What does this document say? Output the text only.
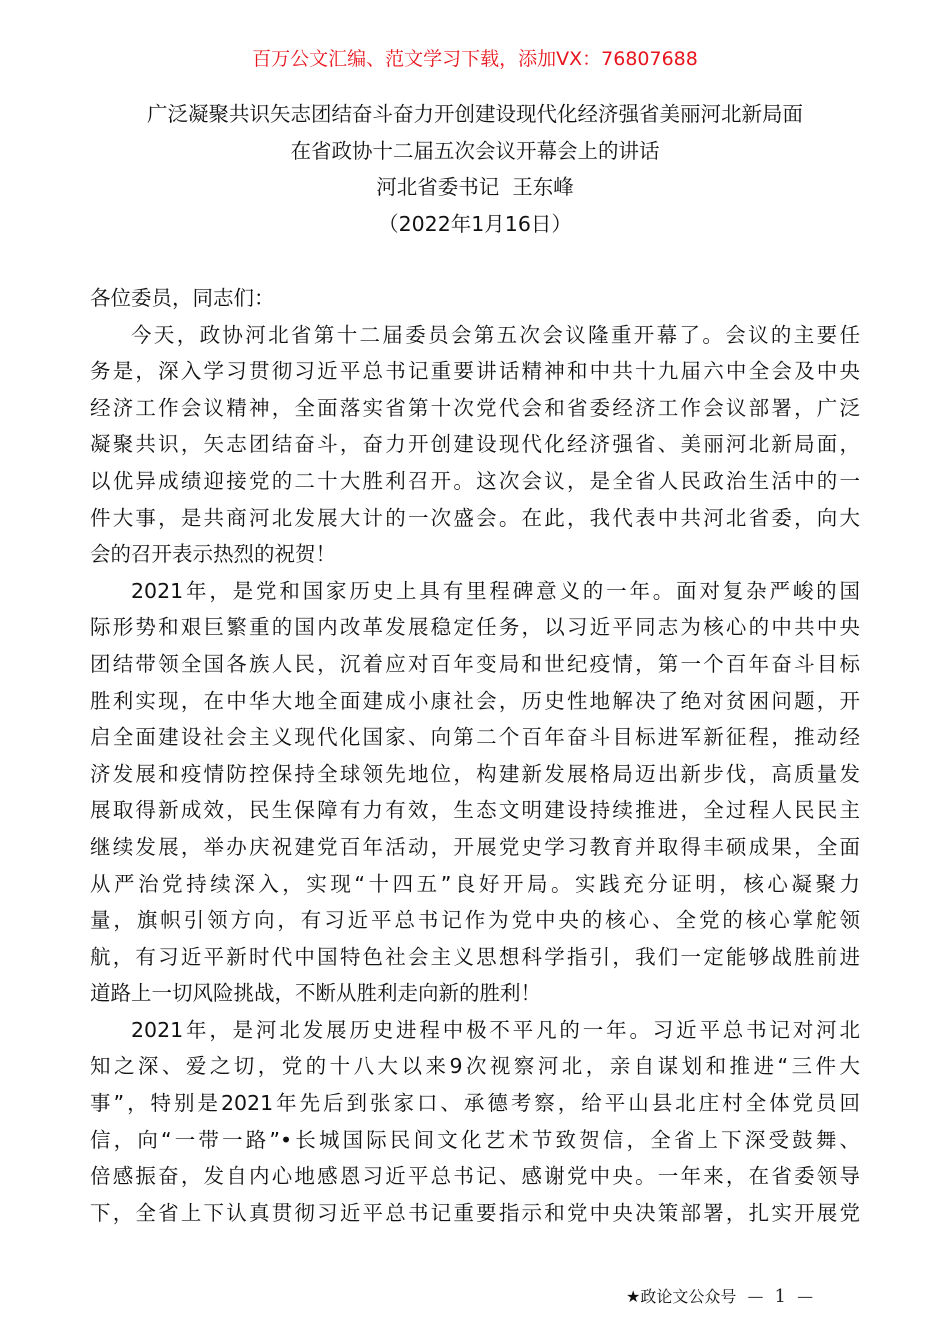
百万公文汇编、范文学习下载，添加VX：76807688
广泛凝聚共识矢志团结奋斗奋力开创建设现代化经济强省美丽河北新局面
在省政协十二届五次会议开幕会上的讲话
河北省委书记  王东峰
（2022年1月16日）

各位委员，同志们：

今天，政协河北省第十二届委员会第五次会议隆重开幕了。会议的主要任
务是，深入学习贯彻习近平总书记重要讲话精神和中共十九届六中全会及中央
经济工作会议精神，全面落实省第十次党代会和省委经济工作会议部署，广泛
凝聚共识，矢志团结奋斗，奋力开创建设现代化经济强省、美丽河北新局面，
以优异成绩迎接党的二十大胜利召开。这次会议，是全省人民政治生活中的一
件大事，是共商河北发展大计的一次盛会。在此，我代表中共河北省委，向大
会的召开表示热烈的祝贺！
2021年，是党和国家历史上具有里程碑意义的一年。面对复杂严峻的国
际形势和艰巨繁重的国内改革发展稳定任务，以习近平同志为核心的中共中央
团结带领全国各族人民，沉着应对百年变局和世纪疫情，第一个百年奋斗目标
胜利实现，在中华大地全面建成小康社会，历史性地解决了绝对贫困问题，开
启全面建设社会主义现代化国家、向第二个百年奋斗目标进军新征程，推动经
济发展和疫情防控保持全球领先地位，构建新发展格局迈出新步伐，高质量发
展取得新成效，民生保障有力有效，生态文明建设持续推进，全过程人民民主
继续发展，举办庆祝建党百年活动，开展党史学习教育并取得丰硕成果，全面
从严治党持续深入，实现“十四五”良好开局。实践充分证明，核心凝聚力
量，旗帜引领方向，有习近平总书记作为党中央的核心、全党的核心掌舵领
航，有习近平新时代中国特色社会主义思想科学指引，我们一定能够战胜前进
道路上一切风险挑战，不断从胜利走向新的胜利！
2021年，是河北发展历史进程中极不平凡的一年。习近平总书记对河北
知之深、爱之切，党的十八大以来9次视察河北，亲自谋划和推进“三件大
事”，特别是2021年先后到张家口、承德考察，给平山县北庄村全体党员回
信，向“一带一路”•长城国际民间文化艺术节致贺信，全省上下深受鼓舞、
倍感振奋，发自内心地感恩习近平总书记、感谢党中央。一年来，在省委领导
下，全省上下认真贯彻习近平总书记重要指示和党中央决策部署，扎实开展党
★政论文公众号 — 1 —
